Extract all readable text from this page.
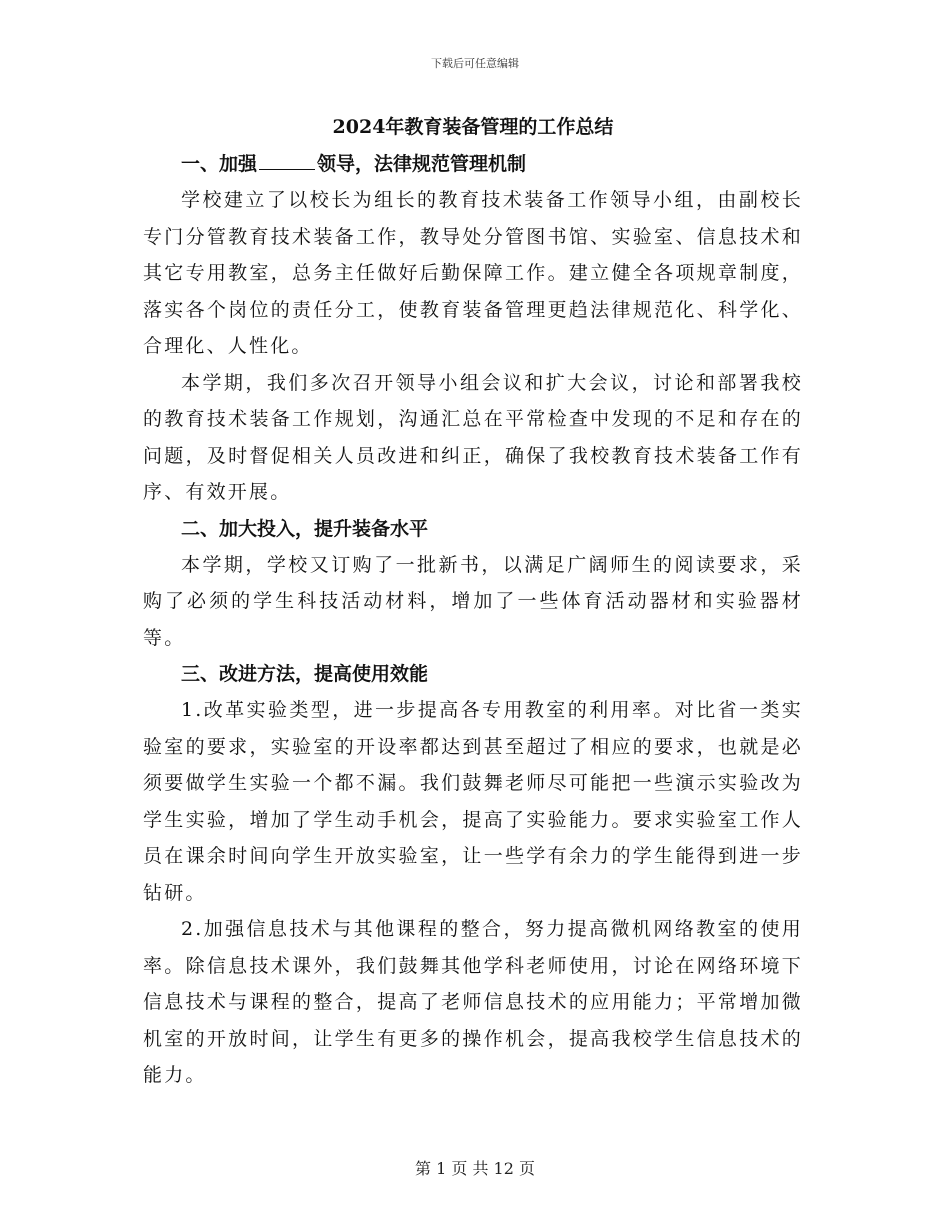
下载后可任意编辑
2024年教育装备管理的工作总结
一、加强	领导，法律规范管理机制

学校建立了以校长为组长的教育技术装备工作领导小组，由副校长专门分管教育技术装备工作，教导处分管图书馆、实验室、信息技术和其它专用教室，总务主任做好后勤保障工作。建立健全各项规章制度，落实各个岗位的责任分工，使教育装备管理更趋法律规范化、科学化、合理化、人性化。

本学期，我们多次召开领导小组会议和扩大会议，讨论和部署我校的教育技术装备工作规划，沟通汇总在平常检查中发现的不足和存在的问题，及时督促相关人员改进和纠正，确保了我校教育技术装备工作有序、有效开展。

二、加大投入，提升装备水平

本学期，学校又订购了一批新书，以满足广阔师生的阅读要求，采购了必须的学生科技活动材料，增加了一些体育活动器材和实验器材等。

三、改进方法，提高使用效能

1.改革实验类型，进一步提高各专用教室的利用率。对比省一类实验室的要求，实验室的开设率都达到甚至超过了相应的要求，也就是必须要做学生实验一个都不漏。我们鼓舞老师尽可能把一些演示实验改为学生实验，增加了学生动手机会，提高了实验能力。要求实验室工作人员在课余时间向学生开放实验室，让一些学有余力的学生能得到进一步钻研。

2.加强信息技术与其他课程的整合，努力提高微机网络教室的使用率。除信息技术课外，我们鼓舞其他学科老师使用，讨论在网络环境下信息技术与课程的整合，提高了老师信息技术的应用能力；平常增加微机室的开放时间，让学生有更多的操作机会，提高我校学生信息技术的能力。

第 1 页 共 12 页
